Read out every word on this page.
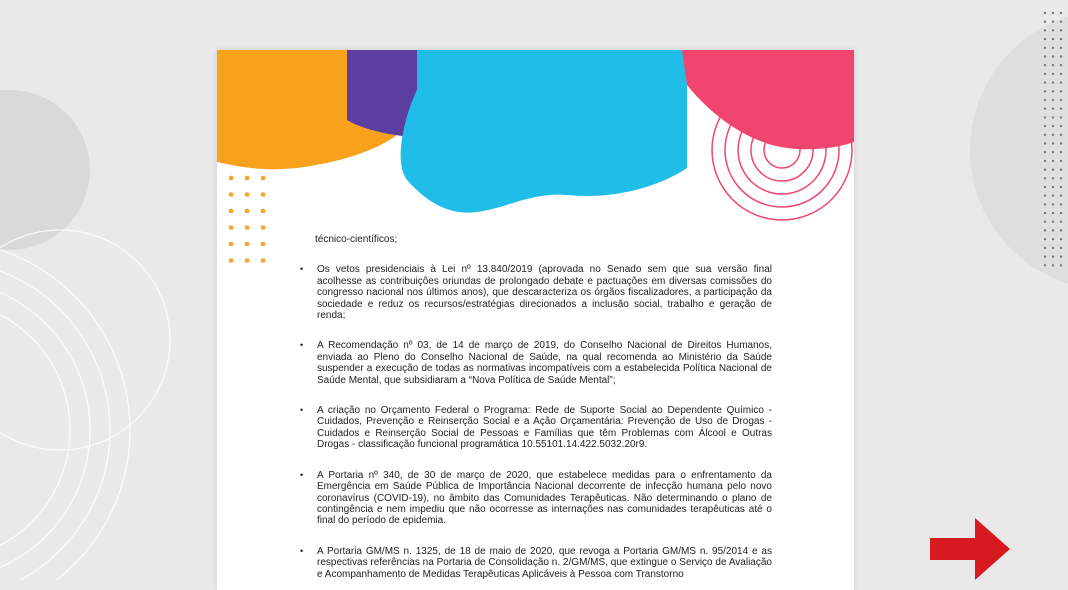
técnico-científicos;

• Os vetos presidenciais à Lei nº 13.840/2019 (aprovada no Senado sem que sua versão final acolhesse as contribuições oriundas de prolongado debate e pactuações em diversas comissões do congresso nacional nos últimos anos), que descaracteriza os órgãos fiscalizadores, a participação da sociedade e reduz os recursos/estratégias direcionados a inclusão social, trabalho e geração de renda;
• A Recomendação nº 03, de 14 de março de 2019, do Conselho Nacional de Direitos Humanos, enviada ao Pleno do Conselho Nacional de Saúde, na qual recomenda ao Ministério da Saúde suspender a execução de todas as normativas incompatíveis com a estabelecida Política Nacional de Saúde Mental, que subsidiaram a “Nova Política de Saúde Mental”;
• A criação no Orçamento Federal o Programa: Rede de Suporte Social ao Dependente Químico - Cuidados, Prevenção e Reinserção Social e a Ação Orçamentária: Prevenção de Uso de Drogas - Cuidados e Reinserção Social de Pessoas e Famílias que têm Problemas com Álcool e Outras Drogas - classificação funcional programática 10.55101.14.422.5032.20r9.
• A Portaria nº 340, de 30 de março de 2020, que estabelece medidas para o enfrentamento da Emergência em Saúde Pública de Importância Nacional decorrente de infecção humana pelo novo coronavírus (COVID-19), no âmbito das Comunidades Terapêuticas. Não determinando o plano de contingência e nem impediu que não ocorresse as internações nas comunidades terapêuticas até o final do período de epidemia.
• A Portaria GM/MS n. 1325, de 18 de maio de 2020, que revoga a Portaria GM/MS n. 95/2014 e as respectivas referências na Portaria de Consolidação n. 2/GM/MS, que extingue o Serviço de Avaliação e Acompanhamento de Medidas Terapêuticas Aplicáveis à Pessoa com Transtorno
